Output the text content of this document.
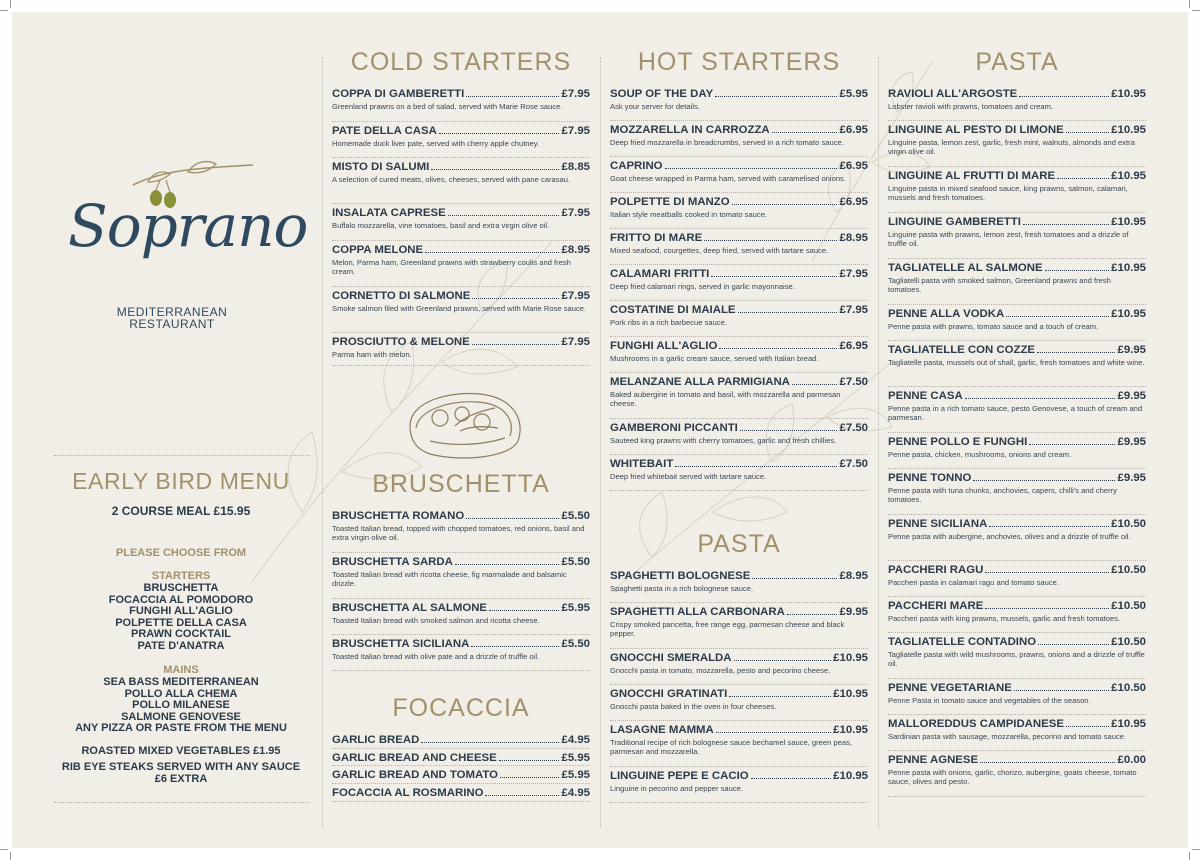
Soprano
MEDITERRANEAN
RESTAURANT
EARLY BIRD MENU
2 COURSE MEAL £15.95
PLEASE CHOOSE FROM
STARTERS
BRUSCHETTA
FOCACCIA AL POMODORO
FUNGHI ALL'AGLIO
POLPETTE DELLA CASA
PRAWN COCKTAIL
PATE D'ANATRA
MAINS
SEA BASS MEDITERRANEAN
POLLO ALLA CHEMA
POLLO MILANESE
SALMONE GENOVESE
ANY PIZZA OR PASTE FROM THE MENU
ROASTED MIXED VEGETABLES £1.95
RIB EYE STEAKS SERVED WITH ANY SAUCE
£6 EXTRA
COLD STARTERS
COPPA DI GAMBERETTI	£7.95
Greenland prawns on a bed of salad, served with Marie Rose sauce.
PATE DELLA CASA	£7.95
Homemade duck liver pate, served with cherry apple chutney.
MISTO DI SALUMI	£8.85
A selection of cured meats, olives, cheeses, served with pane carasau.
INSALATA CAPRESE	£7.95
Buffalo mozzarella, vine tomatoes, basil and extra virgin olive oil.
COPPA MELONE	£8.95
Melon, Parma ham, Greenland prawns with strawberry coulis and fresh cream.
CORNETTO DI SALMONE	£7.95
Smoke salmon filed with Greenland prawns, served with Marie Rose sauce.
PROSCIUTTO & MELONE	£7.95
Parma ham with melon.
BRUSCHETTA
BRUSCHETTA ROMANO	£5.50
Toasted Italian bread, topped with chopped tomatoes, red onions, basil and extra virgin olive oil.
BRUSCHETTA SARDA	£5.50
Toasted Italian bread with ricotta cheese, fig marmalade and balsamic drizzle.
BRUSCHETTA AL SALMONE	£5.95
Toasted Italian bread with smoked salmon and ricotta cheese.
BRUSCHETTA SICILIANA	£5.50
Toasted Italian bread with olive pate and a drizzle of truffle oil.
FOCACCIA
GARLIC BREAD	£4.95
GARLIC BREAD AND CHEESE	£5.95
GARLIC BREAD AND TOMATO	£5.95
FOCACCIA AL ROSMARINO	£4.95
HOT STARTERS
SOUP OF THE DAY	£5.95
Ask your server for details.
MOZZARELLA IN CARROZZA	£6.95
Deep fried mozzarella in breadcrumbs, served in a rich tomato sauce.
CAPRINO	£6.95
Goat cheese wrapped in Parma ham, served with caramelised onions.
POLPETTE DI MANZO	£6.95
Italian style meatballs cooked in tomato sauce.
FRITTO DI MARE	£8.95
Mixed seafood, courgettes, deep fried, served with tartare sauce.
CALAMARI FRITTI	£7.95
Deep fried calamari rings, served in garlic mayonnaise.
COSTATINE DI MAIALE	£7.95
Pork ribs in a rich barbecue sauce.
FUNGHI ALL'AGLIO	£6.95
Mushrooms in a garlic cream sauce, served with Italian bread.
MELANZANE ALLA PARMIGIANA	£7.50
Baked aubergine in tomato and basil, with mozzarella and parmesan cheese.
GAMBERONI PICCANTI	£7.50
Sauteed king prawns with cherry tomatoes, garlic and fresh chillies.
WHITEBAIT	£7.50
Deep fried whitebait served with tartare sauce.
PASTA
SPAGHETTI BOLOGNESE	£8.95
Spaghetti pasta in a rich bolognese sauce.
SPAGHETTI ALLA CARBONARA	£9.95
Crispy smoked pancetta, free range egg, parmesan cheese and black pepper.
GNOCCHI SMERALDA	£10.95
Gnocchi pasta in tomato, mozzarella, pesto and pecorino cheese.
GNOCCHI GRATINATI	£10.95
Gnocchi pasta baked in the oven in four cheeses.
LASAGNE MAMMA	£10.95
Traditional recipe of rich bolognese sauce bechamel sauce, green peas, parmesan and mozzarella.
LINGUINE PEPE E CACIO	£10.95
Linguine in pecorino and pepper sauce.
PASTA
RAVIOLI ALL'ARGOSTE	£10.95
Lobster ravioli with prawns, tomatoes and cream.
LINGUINE AL PESTO DI LIMONE	£10.95
Linguine pasta, lemon zest, garlic, fresh mint, walnuts, almonds and extra virgin olive oil.
LINGUINE AL FRUTTI DI MARE	£10.95
Linguine pasta in mixed seafood sauce, king prawns, salmon, calamari, mussels and fresh tomatoes.
LINGUINE GAMBERETTI	£10.95
Linguine pasta with prawns, lemon zest, fresh tomatoes and a drizzle of truffle oil.
TAGLIATELLE AL SALMONE	£10.95
Tagliatelli pasta with smoked salmon, Greenland prawns and fresh tomatoes.
PENNE ALLA VODKA	£10.95
Penne pasta with prawns, tomato sauce and a touch of cream.
TAGLIATELLE CON COZZE	£9.95
Tagliatelle pasta, mussels out of shall, garlic, fresh tomatoes and white wine.
PENNE CASA	£9.95
Penne pasta in a rich tomato sauce, pesto Genovese, a touch of cream and parmesan.
PENNE POLLO E FUNGHI	£9.95
Penne pasta, chicken, mushrooms, onions and cream.
PENNE TONNO	£9.95
Penne pasta with tuna chunks, anchovies, capers, chilli's and cherry tomatoes.
PENNE SICILIANA	£10.50
Penne pasta with aubergine, anchovies, olives and a drizzle of truffle oil.
PACCHERI RAGU	£10.50
Paccheri pasta in calamari ragu and tomato sauce.
PACCHERI MARE	£10.50
Paccheri pasta with king prawns, mussels, garlic and fresh tomatoes.
TAGLIATELLE CONTADINO	£10.50
Tagliatelle pasta with wild mushrooms, prawns, onions and a drizzle of truffle oil.
PENNE VEGETARIANE	£10.50
Penne Pasta in tomato sauce and vegetables of the season.
MALLOREDDUS CAMPIDANESE	£10.95
Sardinian pasta with sausage, mozzarella, pecorino and tomato sauce.
PENNE AGNESE	£0.00
Penne pasta with onions, garlic, chorizo, aubergine, goats cheese, tomato sauce, olives and pesto.
